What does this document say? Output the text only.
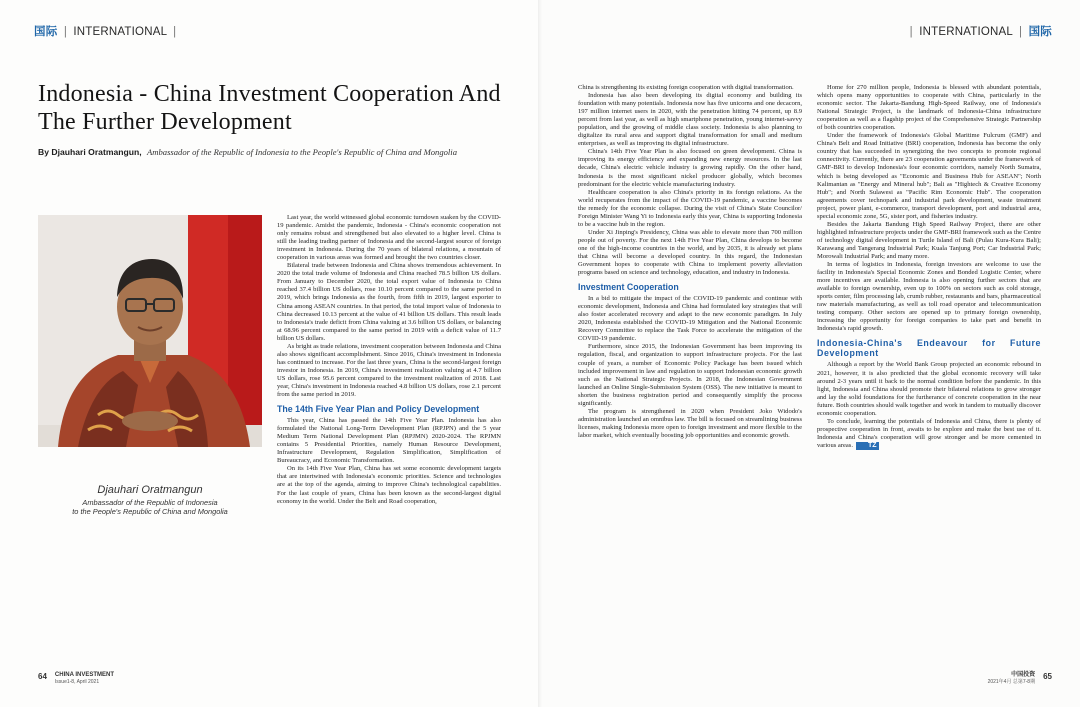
国际 | INTERNATIONAL |	| INTERNATIONAL | 国际
Indonesia - China Investment Cooperation And The Further Development
By Djauhari Oratmangun, Ambassador of the Republic of Indonesia to the People's Republic of China and Mongolia
Djauhari Oratmangun
Ambassador of the Republic of Indonesia
to the People's Republic of China and Mongolia

Last year, the world witnessed global economic turndown suaken by the COVID-19 pandemic. Amidst the pandemic, Indonesia - China's economic cooperation not only remains robust and strengthened but also elevated to a higher level. China is still the leading trading partner of Indonesia and the second-largest source of foreign investment in Indonesia. During the 70 years of bilateral relations, a mountain of cooperation in various areas was formed and brought the two countries closer.

Bilateral trade between Indonesia and China shows tremendous achievement. In 2020 the total trade volume of Indonesia and China reached 78.5 billion US dollars. From January to December 2020, the total export value of Indonesia to China reached 37.4 billion US dollars, rose 10.10 percent compared to the same period in 2019, which brings Indonesia as the fourth, from fifth in 2019, largest exporter to China among ASEAN countries. In that period, the total import value of Indonesia to China decreased 10.13 percent at the value of 41 billion US dollars. This result leads to Indonesia's trade deficit from China valuing at 3.6 billion US dollars, or balancing at 68.96 percent compared to the same period in 2019 with a deficit value of 11.7 billion US dollars.

As bright as trade relations, investment cooperation between Indonesia and China also shows significant accomplishment. Since 2016, China's investment in Indonesia has continued to increase. For the last three years, China is the second-largest foreign investor in Indonesia. In 2019, China's investment realization valuing at 4.7 billion US dollars, rose 95.6 percent compared to the investment realization of 2018. Last year, China's investment in Indonesia reached 4.8 billion US dollars, rose 2.1 percent from the same period in 2019.

The 14th Five Year Plan and Policy Development

This year, China has passed the 14th Five Year Plan. Indonesia has also formulated the National Long-Term Development Plan (RPJPN) and the 5 year Medium Term National Development Plan (RPJMN) 2020-2024. The RPJMN contains 5 Presidential Priorities, namely Human Resource Development, Infrastructure Development, Regulation Simplification, Simplification of Bureaucracy, and Economic Transformation.

On its 14th Five Year Plan, China has set some economic development targets that are intertwined with Indonesia's economic priorities. Science and technologies are at the top of the agenda, aiming to improve China's technological capabilities. For the last couple of years, China has been known as the second-largest digital economy in the world. Under the Belt and Road cooperation,

China is strengthening its existing foreign cooperation with digital transformation.

Indonesia has also been developing its digital economy and building its foundation with many potentials. Indonesia now has five unicorns and one decacorn, 197 million internet users in 2020, with the penetration hitting 74 percent, up 8.9 percent from last year, as well as high smartphone penetration, young internet-savvy population, and the growing of middle class society. Indonesia is also planning to digitalize its rural area and support digital transformation for small and medium enterprises, as well as improving its digital infrastructure.

China's 14th Five Year Plan is also focused on green development. China is improving its energy efficiency and expanding new energy resources. In the last decade, China's electric vehicle industry is growing rapidly. On the other hand, Indonesia is the most significant nickel producer globally, which becomes predominant for the electric vehicle manufacturing industry.

Healthcare cooperation is also China's priority in its foreign relations. As the world recuperates from the impact of the COVID-19 pandemic, a vaccine becomes the remedy for the economic collapse. During the visit of China's State Councilor/ Foreign Minister Wang Yi to Indonesia early this year, China is supporting Indonesia to be a vaccine hub in the region.

Under Xi Jinping's Presidency, China was able to elevate more than 700 million people out of poverty. For the next 14th Five Year Plan, China develops to become one of the high-income countries in the world, and by 2035, it is already set plans that China will become a developed country. In this regard, the Indonesian Government hopes to cooperate with China to implement poverty alleviation programs based on science and technology, education, and industry in Indonesia.

Investment Cooperation

In a bid to mitigate the impact of the COVID-19 pandemic and continue with economic development, Indonesia and China had formulated key strategies that will also foster accelerated recovery and adapt to the new economic paradigm. In July 2020, Indonesia established the COVID-19 Mitigation and the National Economic Recovery Committee to replace the Task Force to accelerate the mitigation of the COVID-19 pandemic.

Furthermore, since 2015, the Indonesian Government has been improving its regulation, fiscal, and organization to support infrastructure projects. For the last couple of years, a number of Economic Policy Package has been issued which included improvement in law and regulation to support Indonesian economic growth such as the National Strategic Projects. In 2018, the Indonesian Government launched an Online Single-Submission System (OSS). The new initiative is meant to shorten the business registration period and consequently simplify the process significantly.

The program is strengthened in 2020 when President Joko Widodo's administration launched an omnibus law. The bill is focused on streamlining business licenses, making Indonesia more open to foreign investment and more flexible to the labor market, which eventually boosting job opportunities and economic growth.

Home for 270 million people, Indonesia is blessed with abundant potentials, which opens many opportunities to cooperate with China, particularly in the economic sector. The Jakarta-Bandung High-Speed Railway, one of Indonesia's National Strategic Project, is the landmark of Indonesia-China infrastructure cooperation as well as a flagship project of the Comprehensive Strategic Partnership of both countries cooperation.

Under the framework of Indonesia's Global Maritime Fulcrum (GMF) and China's Belt and Road Initiative (BRI) cooperation, Indonesia has become the only country that has succeeded in synergizing the two concepts to promote regional connectivity. Currently, there are 23 cooperation agreements under the framework of GMF-BRI to develop Indonesia's four economic corridors, namely North Sumatra, which is being developed as "Economic and Business Hub for ASEAN"; North Kalimantan as "Energy and Mineral hub"; Bali as "Hightech & Creative Economy Hub"; and North Sulawesi as "Pacific Rim Economic Hub". The cooperation agreements cover technopark and industrial park development, waste treatment project, power plant, e-commerce, transport development, port and industrial area, special economic zone, 5G, sister port, and fisheries industry.

Besides the Jakarta Bandung High Speed Railway Project, there are other highlighted infrastructure projects under the GMF-BRI framework such as the Centre of technology digital development in Turtle Island of Bali (Pulau Kura-Kura Bali); Karawang and Tangerang Industrial Park; Kuala Tanjung Port; Car Industrial Park; Morowali Industrial Park; and many more.

In terms of logistics in Indonesia, foreign investors are welcome to use the facility in Indonesia's Special Economic Zones and Bonded Logistic Center, where more incentives are available. Indonesia is also opening further sectors that are available to foreign ownership, even up to 100% on sectors such as cold storage, sports center, film processing lab, crumb rubber, restaurants and bars, pharmaceutical raw materials manufacturing, as well as toll road operator and telecommunication testing company. Other sectors are opened up to primary foreign ownership, increasing the opportunity for foreign companies to take part and benefit in Indonesia's rapid growth.

Indonesia-China's Endeavour for Future Development

Although a report by the World Bank Group projected an economic rebound in 2021, however, it is also predicted that the global economic recovery will take around 2-3 years until it back to the normal condition before the pandemic. In this light, Indonesia and China should promote their bilateral relations to grow stronger and lay the solid foundations for the furtherance of concrete cooperation in the near future. Both countries should walk together and work in tandem to mutually discover economic cooperation.

To conclude, learning the potentials of Indonesia and China, there is plenty of prospective cooperation in front, awaits to be explore and make the best use of it. Indonesia and China's cooperation will grow stronger and be more cemented in various areas. TZ

64 CHINA INVESTMENT
Issue1-8, April 2021
中国投资
2021年4月 总第7-8期
65
